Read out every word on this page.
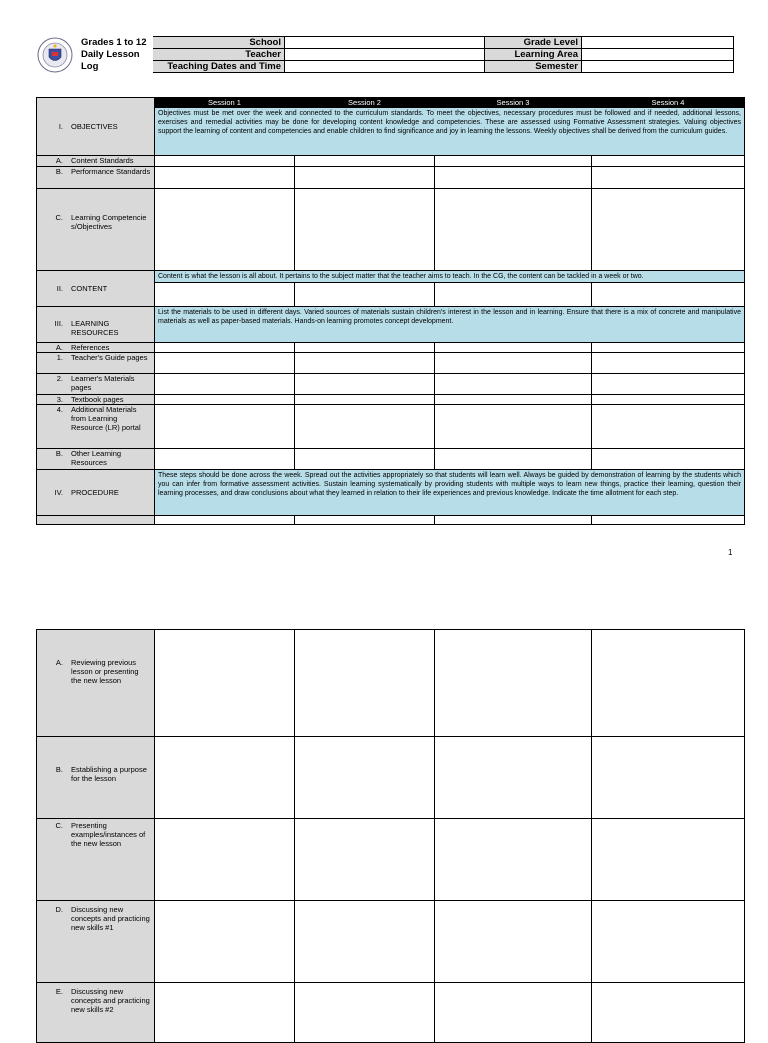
Grades 1 to 12	School		Grade Level	
Daily Lesson	Teacher		Learning Area	
Log	Teaching Dates and Time		Semester	
I. OBJECTIVES	Session 1	Session 2	Session 3	Session 4
	Objectives must be met over the week and connected to the curriculum standards. To meet the objectives, necessary procedures must be followed and if needed, additional lessons, exercises and remedial activities may be done for developing content knowledge and competencies. These are assessed using Formative Assessment strategies. Valuing objectives support the learning of content and competencies and enable children to find significance and joy in learning the lessons. Weekly objectives shall be derived from the curriculum guides.			
A. Content Standards				
B. Performance Standards				
C. Learning Competencies/Objectives				
II. CONTENT	Content is what the lesson is all about. It pertains to the subject matter that the teacher aims to teach. In the CG, the content can be tackled in a week or two.			

III. LEARNING RESOURCES	List the materials to be used in different days. Varied sources of materials sustain children's interest in the lesson and in learning. Ensure that there is a mix of concrete and manipulative materials as well as paper-based materials. Hands-on learning promotes concept development.			
A. References				
1. Teacher's Guide pages				
2. Learner's Materials pages				
3. Textbook pages				
4. Additional Materials from Learning Resource (LR) portal				
B. Other Learning Resources				
IV. PROCEDURE	These steps should be done across the week. Spread out the activities appropriately so that students will learn well. Always be guided by demonstration of learning by the students which you can infer from formative assessment activities. Sustain learning systematically by providing students with multiple ways to learn new things, practice their learning, question their learning processes, and draw conclusions about what they learned in relation to their life experiences and previous knowledge. Indicate the time allotment for each step.			

1
A. Reviewing previous lesson or presenting the new lesson				
B. Establishing a purpose for the lesson				
C. Presenting examples/instances of the new lesson				
D. Discussing new concepts and practicing new skills #1				
E. Discussing new concepts and practicing new skills #2				
